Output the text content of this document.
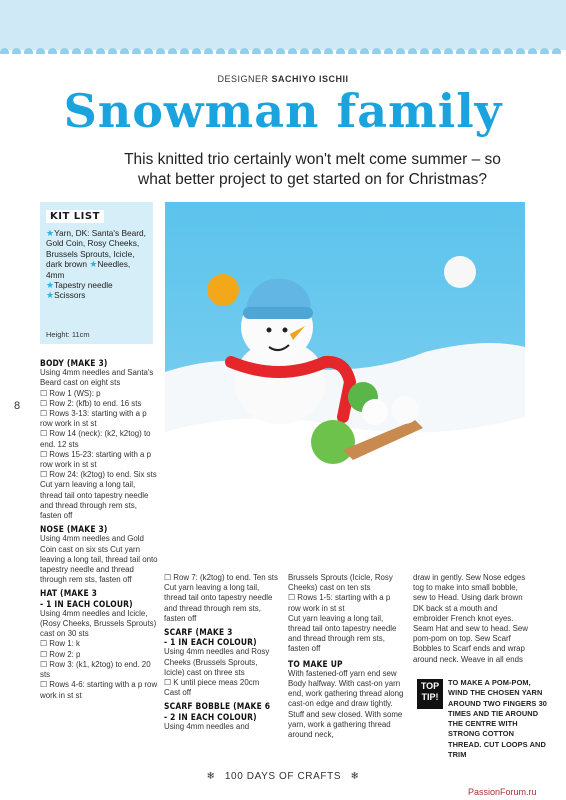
DESIGNER SACHIYO ISCHII
Snowman family
This knitted trio certainly won't melt come summer – so what better project to get started on for Christmas?
KIT LIST
★Yarn, DK: Santa's Beard, Gold Coin, Rosy Cheeks, Brussels Sprouts, Icicle, dark brown ★Needles, 4mm
★Tapestry needle
★Scissors
Height: 11cm
8

BODY (MAKE 3)

Using 4mm needles and Santa's Beard cast on eight sts

☐ Row 1 (WS): p

☐ Row 2: (kfb) to end. 16 sts

☐ Rows 3-13: starting with a p row work in st st

☐ Row 14 (neck): (k2, k2tog) to end. 12 sts

☐ Rows 15-23: starting with a p row work in st st

☐ Row 24: (k2tog) to end. Six sts

Cut yarn leaving a long tail, thread tail onto tapestry needle and thread through rem sts, fasten off

NOSE (MAKE 3)

Using 4mm needles and Gold Coin cast on six sts Cut yarn leaving a long tail, thread tail onto tapestry needle and thread through rem sts, fasten off

HAT (MAKE 3

- 1 IN EACH COLOUR)

Using 4mm needles and Icicle, (Rosy Cheeks, Brussels Sprouts) cast on 30 sts

☐ Row 1: k

☐ Row 2: p

☐ Row 3: (k1, k2tog) to end. 20 sts

☐ Rows 4-6: starting with a p row work in st st

☐ Row 7: (k2tog) to end. Ten sts Cut yarn leaving a long tail, thread tail onto tapestry needle and thread through rem sts, fasten off

SCARF (MAKE 3

- 1 IN EACH COLOUR)

Using 4mm needles and Rosy Cheeks (Brussels Sprouts, Icicle) cast on three sts

☐ K until piece meas 20cm

Cast off

SCARF BOBBLE (MAKE 6

- 2 IN EACH COLOUR)

Using 4mm needles and

Brussels Sprouts (Icicle, Rosy Cheeks) cast on ten sts

☐ Rows 1-5: starting with a p row work in st st

Cut yarn leaving a long tail, thread tail onto tapestry needle and thread through rem sts, fasten off

TO MAKE UP

With fastened-off yarn end sew Body halfway. With cast-on yarn end, work gathering thread along cast-on edge and draw tightly. Stuff and sew closed. With some yarn, work a gathering thread around neck,

draw in gently. Sew Nose edges tog to make into small bobble, sew to Head. Using dark brown DK back st a mouth and embroider French knot eyes. Seam Hat and sew to head. Sew pom-pom on top. Sew Scarf Bobbles to Scarf ends and wrap around neck. Weave in all ends

TOP
TIP!
TO MAKE A POM-POM, WIND THE CHOSEN YARN AROUND TWO FINGERS 30 TIMES AND TIE AROUND THE CENTRE WITH STRONG COTTON THREAD. CUT LOOPS AND TRIM
❄ 100 DAYS OF CRAFTS ❄
PassionForum.ru
